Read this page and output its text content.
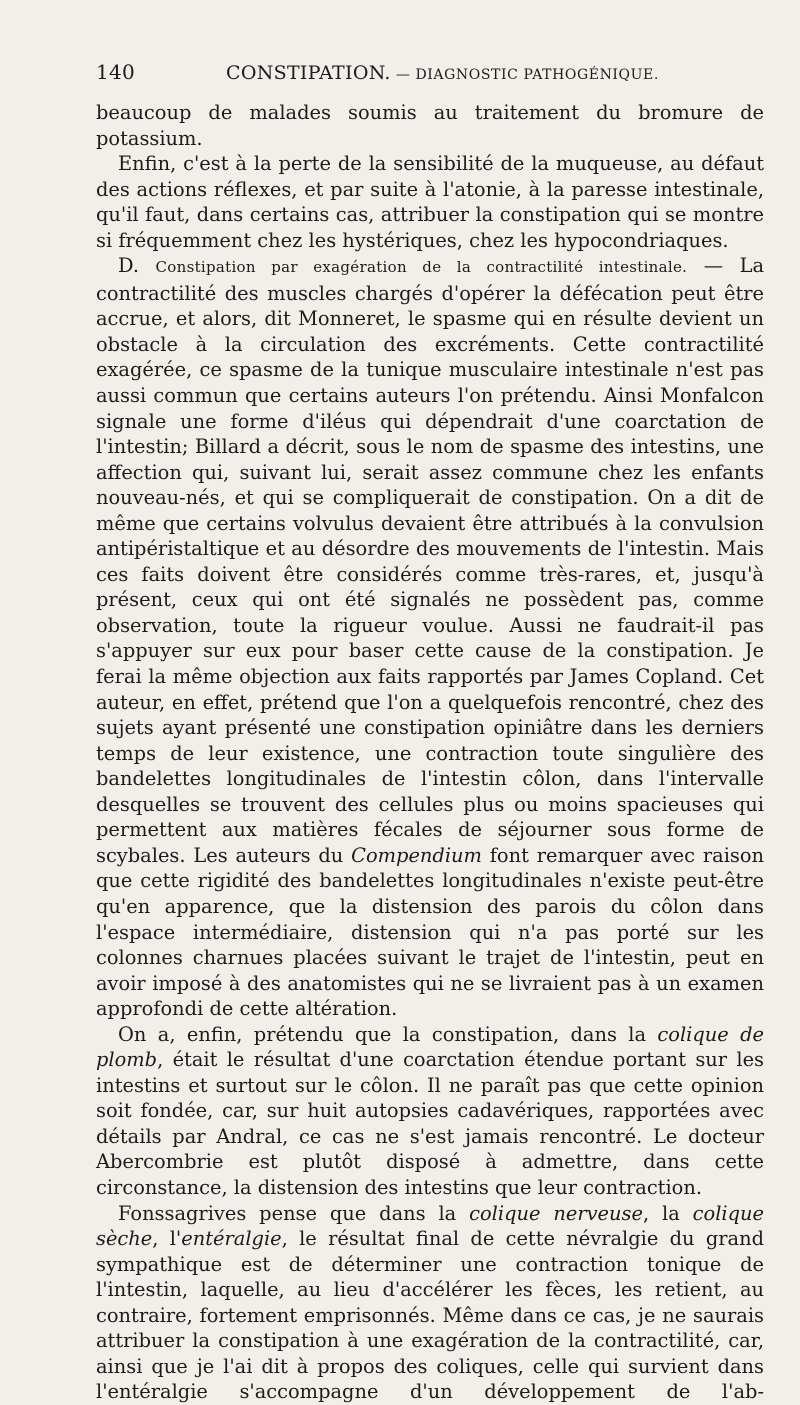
140	CONSTIPATION. — DIAGNOSTIC PATHOGÉNIQUE.

beaucoup de malades soumis au traitement du bromure de potassium.

Enfin, c'est à la perte de la sensibilité de la muqueuse, au défaut des actions réflexes, et par suite à l'atonie, à la paresse intestinale, qu'il faut, dans certains cas, attribuer la constipation qui se montre si fréquemment chez les hystériques, chez les hypocondriaques.

D. Constipation par exagération de la contractilité intestinale. — La contractilité des muscles chargés d'opérer la défécation peut être accrue, et alors, dit Monneret, le spasme qui en résulte devient un obstacle à la circulation des excréments. Cette contractilité exagérée, ce spasme de la tunique musculaire intestinale n'est pas aussi commun que certains auteurs l'on prétendu. Ainsi Monfalcon signale une forme d'iléus qui dépendrait d'une coarctation de l'intestin; Billard a décrit, sous le nom de spasme des intestins, une affection qui, suivant lui, serait assez commune chez les enfants nouveau-nés, et qui se compliquerait de constipation. On a dit de même que certains volvulus devaient être attribués à la convulsion antipéristaltique et au désordre des mouvements de l'intestin. Mais ces faits doivent être considérés comme très-rares, et, jusqu'à présent, ceux qui ont été signalés ne possèdent pas, comme observation, toute la rigueur voulue. Aussi ne faudrait-il pas s'appuyer sur eux pour baser cette cause de la constipation. Je ferai la même objection aux faits rapportés par James Copland. Cet auteur, en effet, prétend que l'on a quelquefois rencontré, chez des sujets ayant présenté une constipation opiniâtre dans les derniers temps de leur existence, une contraction toute singulière des bandelettes longitudinales de l'intestin côlon, dans l'intervalle desquelles se trouvent des cellules plus ou moins spacieuses qui permettent aux matières fécales de séjourner sous forme de scybales. Les auteurs du Compendium font remarquer avec raison que cette rigidité des bandelettes longitudinales n'existe peut-être qu'en apparence, que la distension des parois du côlon dans l'espace intermédiaire, distension qui n'a pas porté sur les colonnes charnues placées suivant le trajet de l'intestin, peut en avoir imposé à des anatomistes qui ne se livraient pas à un examen approfondi de cette altération.

On a, enfin, prétendu que la constipation, dans la colique de plomb, était le résultat d'une coarctation étendue portant sur les intestins et surtout sur le côlon. Il ne paraît pas que cette opinion soit fondée, car, sur huit autopsies cadavériques, rapportées avec détails par Andral, ce cas ne s'est jamais rencontré. Le docteur Abercombrie est plutôt disposé à admettre, dans cette circonstance, la distension des intestins que leur contraction.

Fonssagrives pense que dans la colique nerveuse, la colique sèche, l'entéralgie, le résultat final de cette névralgie du grand sympathique est de déterminer une contraction tonique de l'intestin, laquelle, au lieu d'accélérer les fèces, les retient, au contraire, fortement emprisonnés. Même dans ce cas, je ne saurais attribuer la constipation à une exagération de la contractilité, car, ainsi que je l'ai dit à propos des coliques, celle qui survient dans l'entéralgie s'accompagne d'un développement de l'ab-
